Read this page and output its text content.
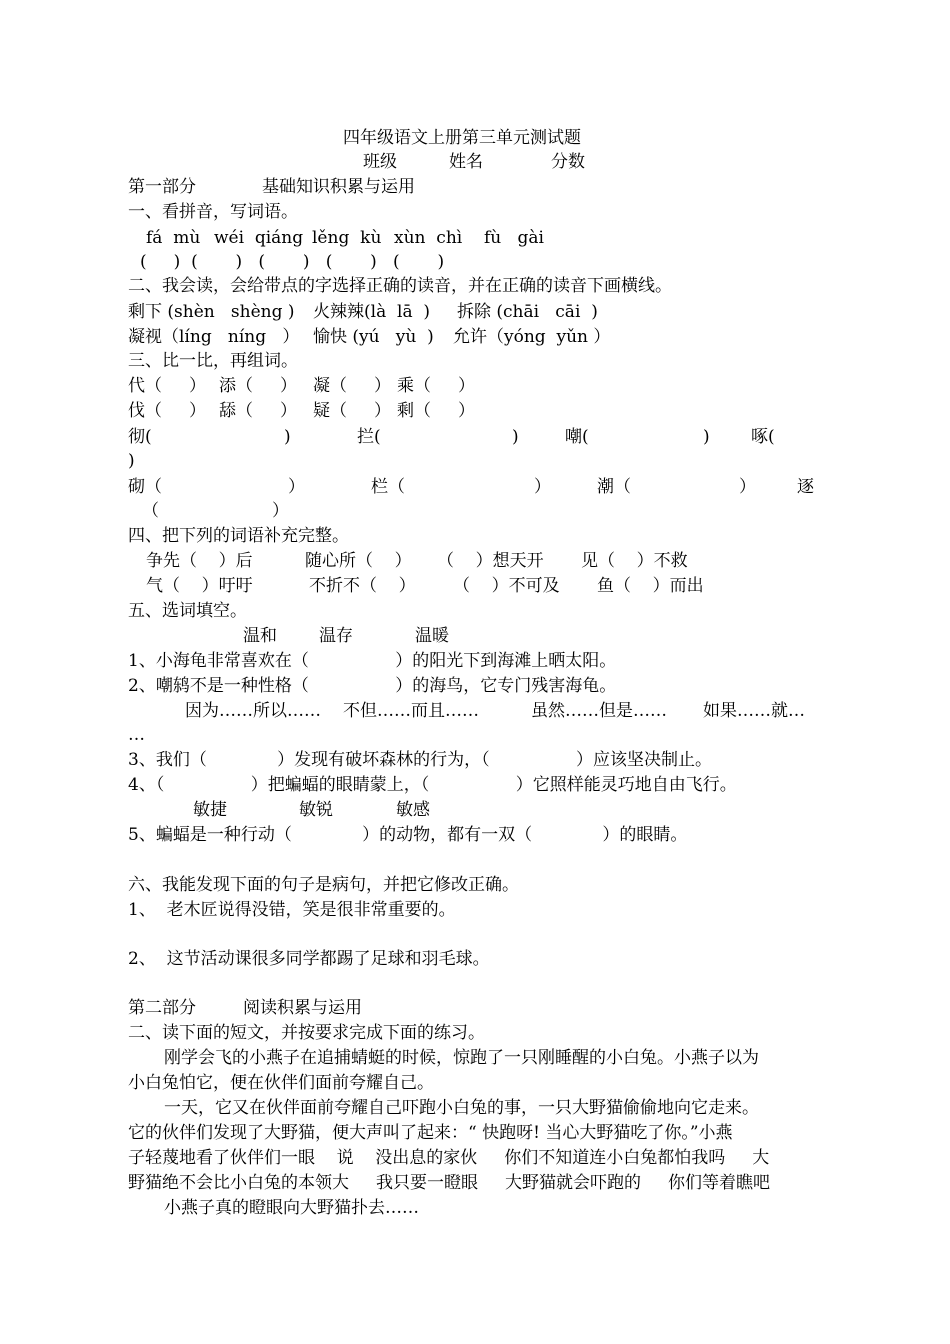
四年级语文上册第三单元测试题
班级	姓名	分数
第一部分	基础知识积累与运用
一、看拼音，写词语。
fá  mù wéi  qiáng lěng  kù xùn  chì fù   gài
(     )  (       )   (       )   (       )   (       )
二、我会读，会给带点的字选择正确的读音，并在正确的读音下画横线。
剩下 (shèn   shèng ) 火辣辣(là  lā  ) 拆除 (chāi   cāi  )
凝视（líng   níng   ） 愉快 (yú   yù  ) 允许（yóng  yǔn ）
三、比一比，再组词。
代（     ） 添（     ） 凝（     ） 乘（     ）
伐（     ） 舔（     ） 疑（     ） 剩（     ）
彻(	)	拦(	)	嘲(	) 啄(
)
砌（	）	栏（	）	潮（	） 逐
（	）
四、把下列的词语补充完整。
争先（    ）后	随心所（    ） （    ）想天开 见（    ）不救
气（    ）吁吁	不折不（    ） （    ）不可及 鱼（    ）而出
五、选词填空。
温和 温存	温暖
1、小海龟非常喜欢在（                ）的阳光下到海滩上晒太阳。
2、嘲鸫不是一种性格（                ）的海鸟，它专门残害海龟。
因为……所以…… 不但……而且……	虽然……但是…… 如果……就…
…
3、我们（             ）发现有破坏森林的行为，（                ）应该坚决制止。
4、（                ）把蝙蝠的眼睛蒙上，（                ）它照样能灵巧地自由飞行。
敏捷	敏锐	敏感
5、蝙蝠是一种行动（             ）的动物，都有一双（             ）的眼睛。
六、我能发现下面的句子是病句，并把它修改正确。
1、  老木匠说得没错，笑是很非常重要的。
2、  这节活动课很多同学都踢了足球和羽毛球。
第二部分	阅读积累与运用
二、读下面的短文，并按要求完成下面的练习。
刚学会飞的小燕子在追捕蜻蜓的时候，惊跑了一只刚睡醒的小白兔。小燕子以为
小白兔怕它，便在伙伴们面前夸耀自己。
一天，它又在伙伴面前夸耀自己吓跑小白兔的事，一只大野猫偷偷地向它走来。
它的伙伴们发现了大野猫，便大声叫了起来：“ 快跑呀! 当心大野猫吃了你。”小燕
子轻蔑地看了伙伴们一眼    说    没出息的家伙     你们不知道连小白兔都怕我吗     大
野猫绝不会比小白兔的本领大     我只要一瞪眼     大野猫就会吓跑的     你们等着瞧吧
小燕子真的瞪眼向大野猫扑去……
